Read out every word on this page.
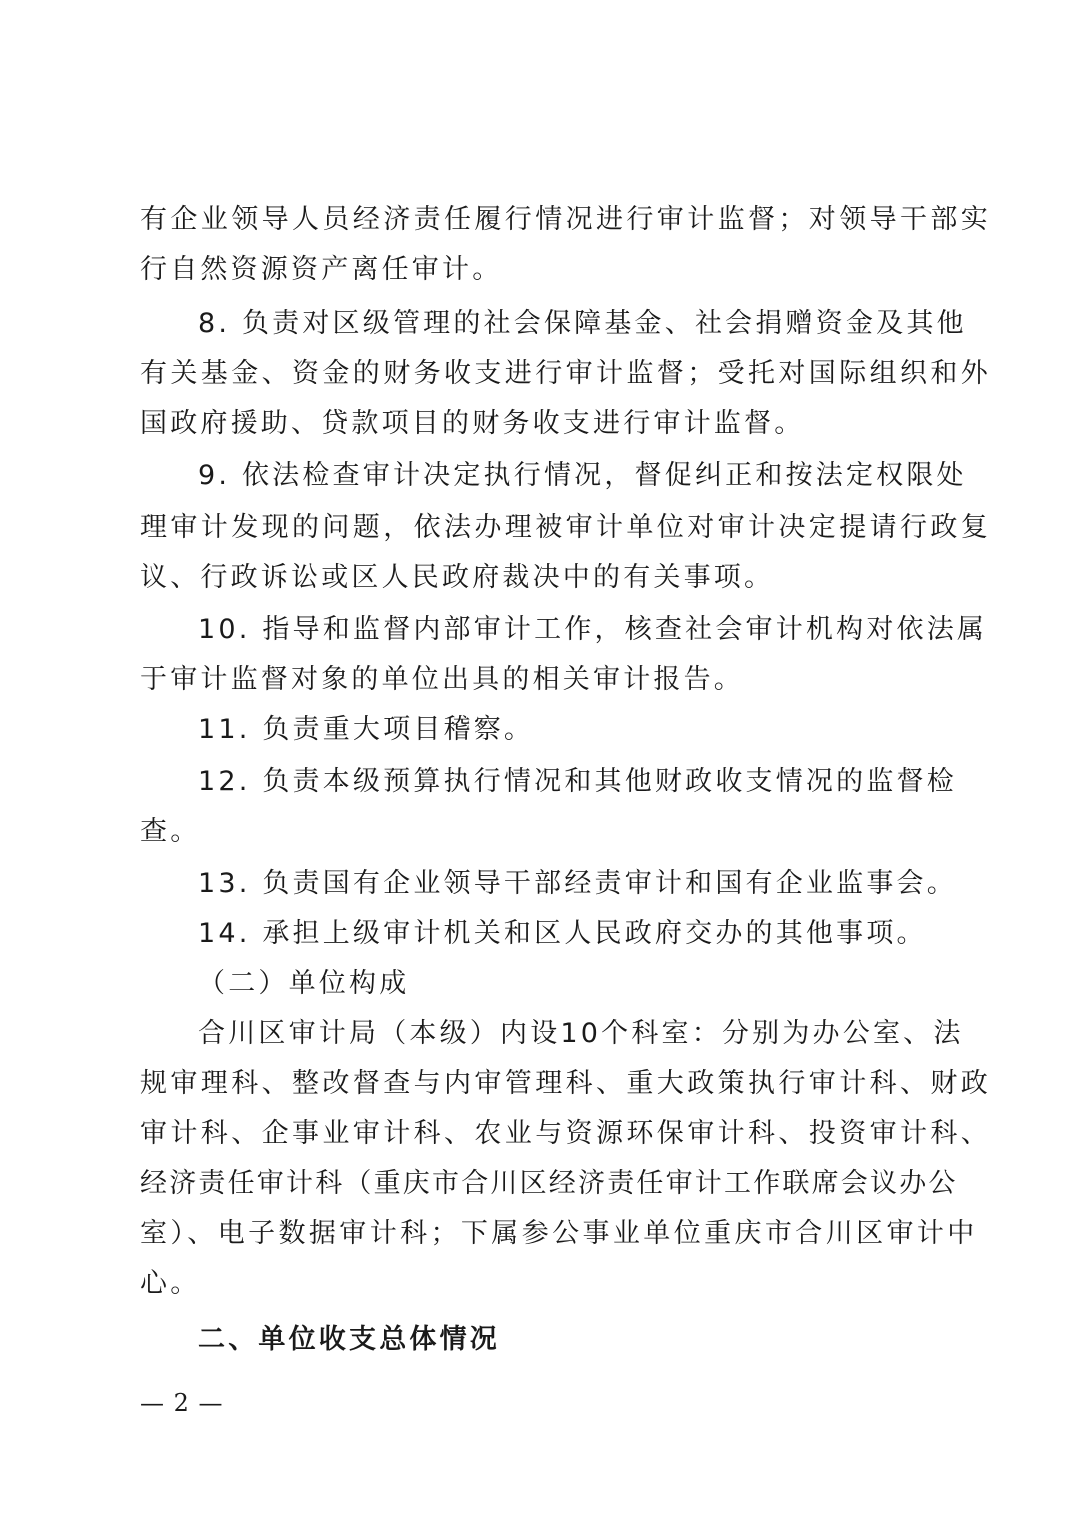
有企业领导人员经济责任履行情况进行审计监督；对领导干部实
行自然资源资产离任审计。
8. 负责对区级管理的社会保障基金、社会捐赠资金及其他
有关基金、资金的财务收支进行审计监督；受托对国际组织和外
国政府援助、贷款项目的财务收支进行审计监督。
9. 依法检查审计决定执行情况，督促纠正和按法定权限处
理审计发现的问题，依法办理被审计单位对审计决定提请行政复
议、行政诉讼或区人民政府裁决中的有关事项。
10. 指导和监督内部审计工作，核查社会审计机构对依法属
于审计监督对象的单位出具的相关审计报告。
11. 负责重大项目稽察。
12. 负责本级预算执行情况和其他财政收支情况的监督检
查。
13. 负责国有企业领导干部经责审计和国有企业监事会。
14. 承担上级审计机关和区人民政府交办的其他事项。
（二）单位构成
合川区审计局（本级）内设10个科室：分别为办公室、法
规审理科、整改督查与内审管理科、重大政策执行审计科、财政
审计科、企事业审计科、农业与资源环保审计科、投资审计科、
经济责任审计科（重庆市合川区经济责任审计工作联席会议办公
室）、电子数据审计科；下属参公事业单位重庆市合川区审计中
心。
二、单位收支总体情况
— 2 —
